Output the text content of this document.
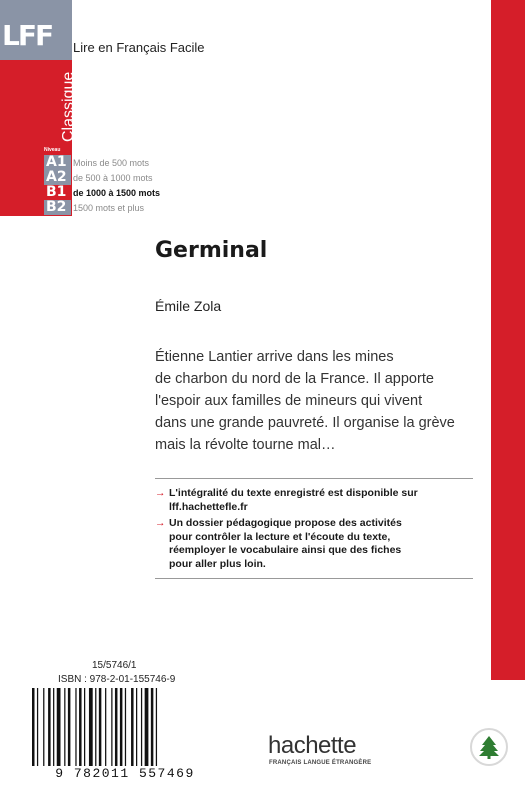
LFF	Lire en Français Facile
Classique
Niveau
A1 Moins de 500 mots
A2 de 500 à 1000 mots
B1 de 1000 à 1500 mots
B2 1500 mots et plus
Germinal
Émile Zola
Étienne Lantier arrive dans les mines
de charbon du nord de la France. Il apporte
l'espoir aux familles de mineurs qui vivent
dans une grande pauvreté. Il organise la grève
mais la révolte tourne mal…
→ L'intégralité du texte enregistré est disponible sur
lff.hachettefle.fr
→ Un dossier pédagogique propose des activités
pour contrôler la lecture et l'écoute du texte,
réemployer le vocabulaire ainsi que des fiches
pour aller plus loin.
15/5746/1
ISBN : 978-2-01-155746-9
9 782011 557469
hachette
FRANÇAIS LANGUE ÉTRANGÈRE
